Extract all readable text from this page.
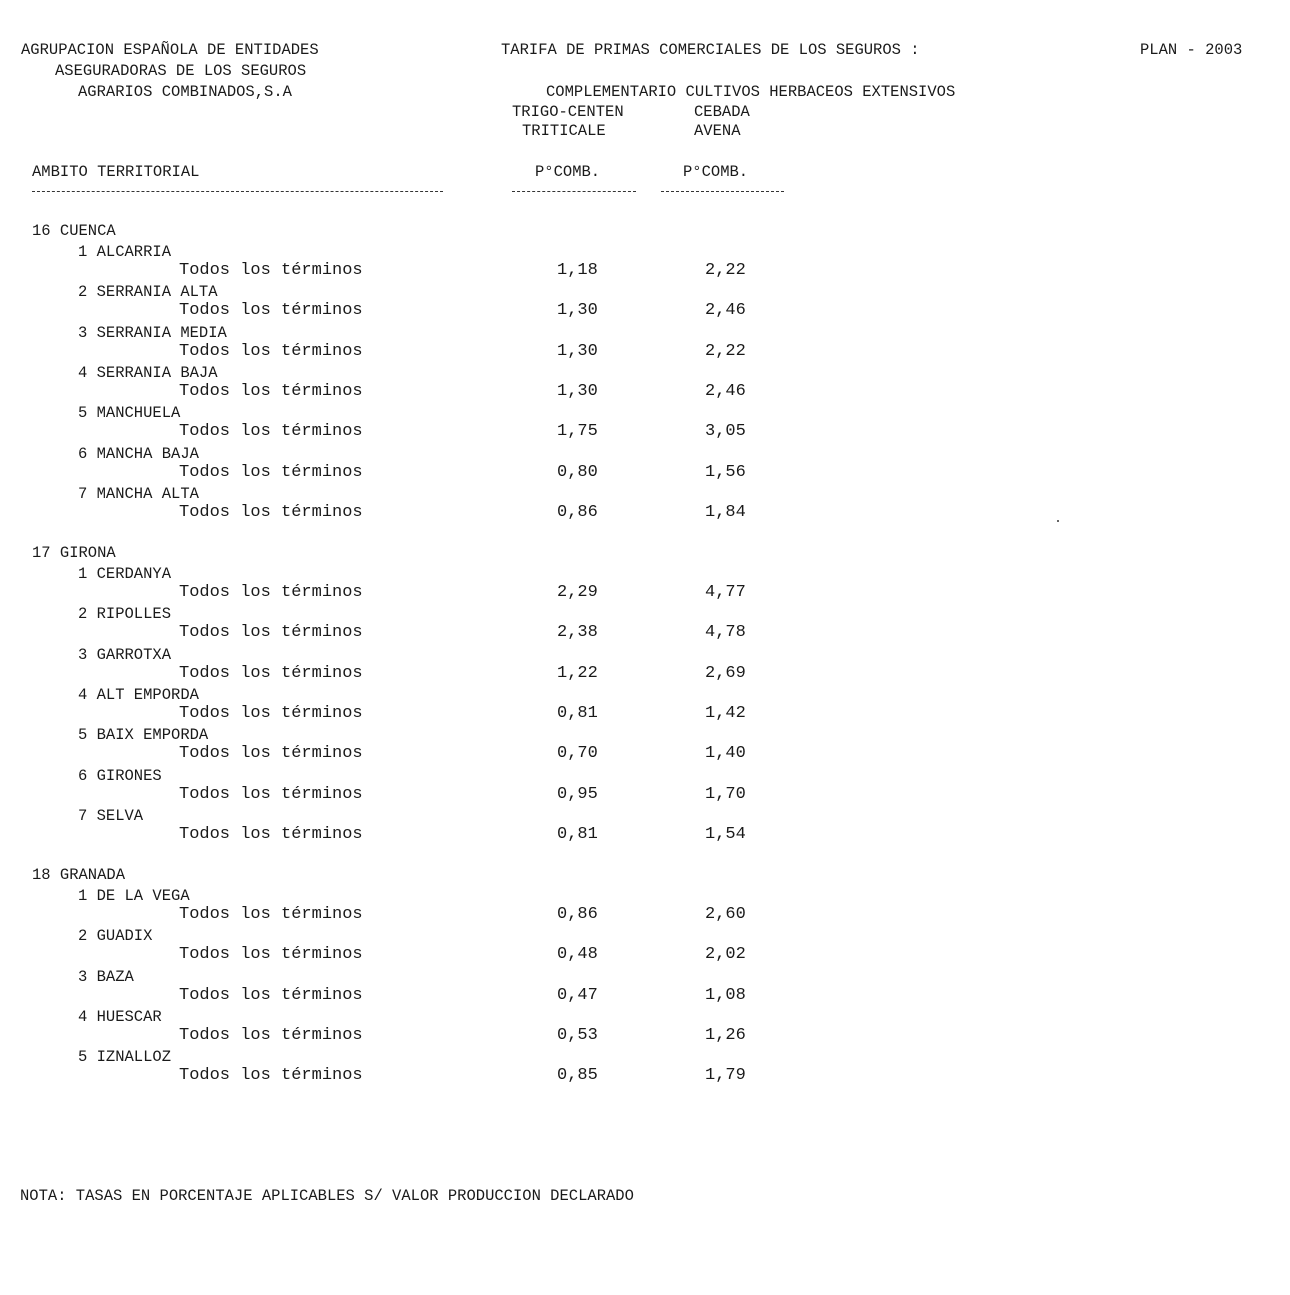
AGRUPACION ESPAÑOLA DE ENTIDADES
ASEGURADORAS DE LOS SEGUROS
AGRARIOS COMBINADOS,S.A
TARIFA DE PRIMAS COMERCIALES DE LOS SEGUROS :	PLAN - 2003
COMPLEMENTARIO CULTIVOS HERBACEOS EXTENSIVOS
TRIGO-CENTEN
TRITICALE
CEBADA
AVENA
AMBITO TERRITORIAL	P°COMB.	P°COMB.
16 CUENCA
1 ALCARRIA
Todos los términos	1,18	2,22
2 SERRANIA ALTA
Todos los términos	1,30	2,46
3 SERRANIA MEDIA
Todos los términos	1,30	2,22
4 SERRANIA BAJA
Todos los términos	1,30	2,46
5 MANCHUELA
Todos los términos	1,75	3,05
6 MANCHA BAJA
Todos los términos	0,80	1,56
7 MANCHA ALTA
Todos los términos	0,86	1,84
17 GIRONA
1 CERDANYA
Todos los términos	2,29	4,77
2 RIPOLLES
Todos los términos	2,38	4,78
3 GARROTXA
Todos los términos	1,22	2,69
4 ALT EMPORDA
Todos los términos	0,81	1,42
5 BAIX EMPORDA
Todos los términos	0,70	1,40
6 GIRONES
Todos los términos	0,95	1,70
7 SELVA
Todos los términos	0,81	1,54
18 GRANADA
1 DE LA VEGA
Todos los términos	0,86	2,60
2 GUADIX
Todos los términos	0,48	2,02
3 BAZA
Todos los términos	0,47	1,08
4 HUESCAR
Todos los términos	0,53	1,26
5 IZNALLOZ
Todos los términos	0,85	1,79
NOTA: TASAS EN PORCENTAJE APLICABLES S/ VALOR PRODUCCION DECLARADO
